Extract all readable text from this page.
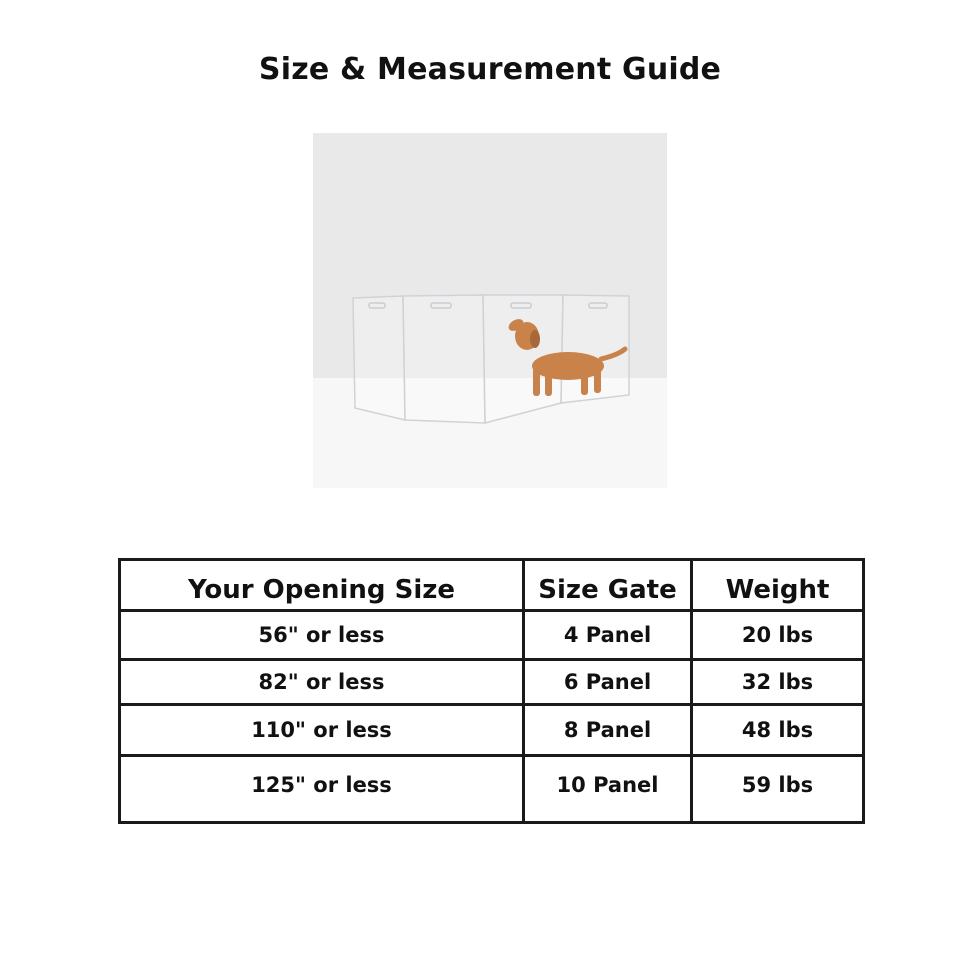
Size & Measurement Guide
Your Opening Size	Size Gate	Weight
56" or less	4 Panel	20 lbs
82" or less	6 Panel	32 lbs
110" or less	8 Panel	48 lbs
125" or less	10 Panel	59 lbs
